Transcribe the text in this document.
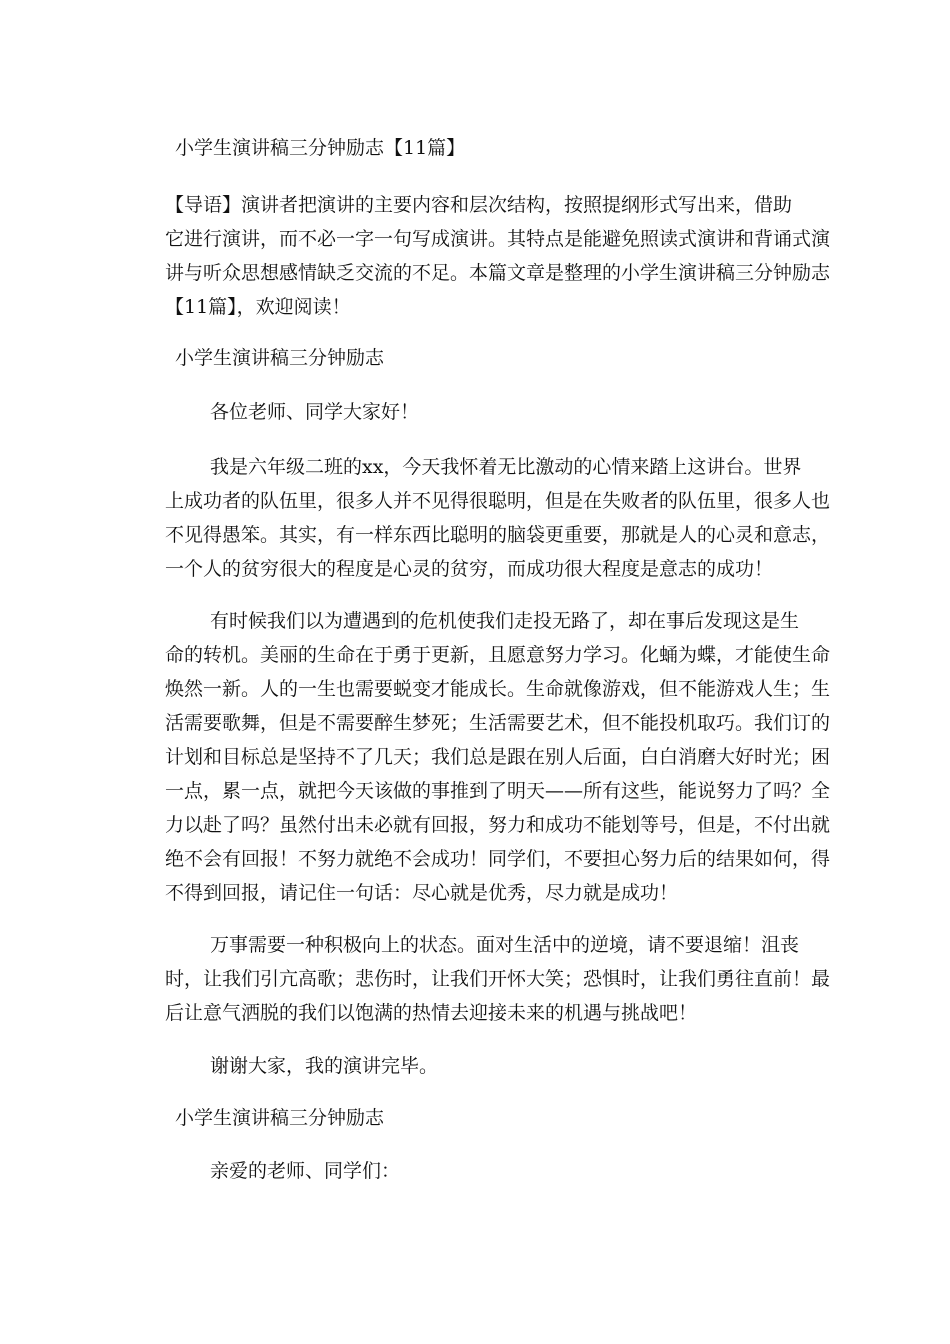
小学生演讲稿三分钟励志【11篇】

【导语】演讲者把演讲的主要内容和层次结构，按照提纲形式写出来，借助

它进行演讲，而不必一字一句写成演讲。其特点是能避免照读式演讲和背诵式演

讲与听众思想感情缺乏交流的不足。本篇文章是整理的小学生演讲稿三分钟励志

【11篇】，欢迎阅读！

小学生演讲稿三分钟励志

各位老师、同学大家好！

我是六年级二班的xx，今天我怀着无比激动的心情来踏上这讲台。世界

上成功者的队伍里，很多人并不见得很聪明，但是在失败者的队伍里，很多人也

不见得愚笨。其实，有一样东西比聪明的脑袋更重要，那就是人的心灵和意志，

一个人的贫穷很大的程度是心灵的贫穷，而成功很大程度是意志的成功！

有时候我们以为遭遇到的危机使我们走投无路了，却在事后发现这是生

命的转机。美丽的生命在于勇于更新，且愿意努力学习。化蛹为蝶，才能使生命

焕然一新。人的一生也需要蜕变才能成长。生命就像游戏，但不能游戏人生；生

活需要歌舞，但是不需要醉生梦死；生活需要艺术，但不能投机取巧。我们订的

计划和目标总是坚持不了几天；我们总是跟在别人后面，白白消磨大好时光；困

一点，累一点，就把今天该做的事推到了明天——所有这些，能说努力了吗？全

力以赴了吗？虽然付出未必就有回报，努力和成功不能划等号，但是，不付出就

绝不会有回报！不努力就绝不会成功！同学们，不要担心努力后的结果如何，得

不得到回报，请记住一句话：尽心就是优秀，尽力就是成功！

万事需要一种积极向上的状态。面对生活中的逆境，请不要退缩！沮丧

时，让我们引亢高歌；悲伤时，让我们开怀大笑；恐惧时，让我们勇往直前！最

后让意气洒脱的我们以饱满的热情去迎接未来的机遇与挑战吧！

谢谢大家，我的演讲完毕。

小学生演讲稿三分钟励志

亲爱的老师、同学们：
